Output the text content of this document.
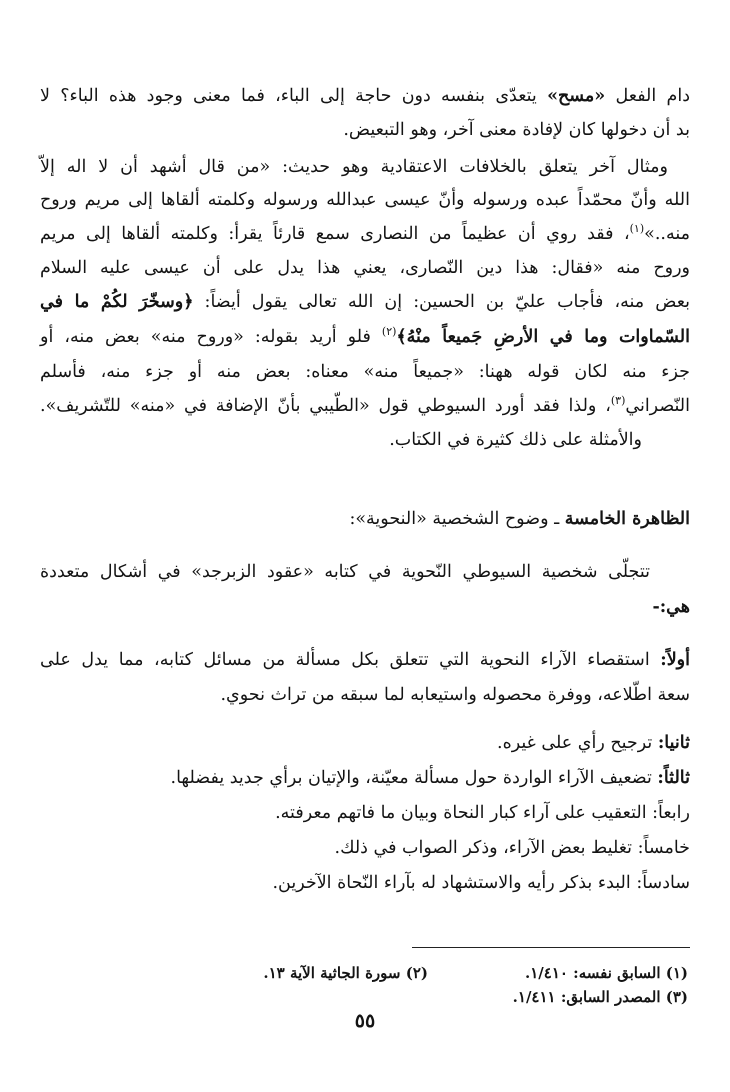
دام الفعل «مسح» يتعدّى بنفسه دون حاجة إلى الباء، فما معنى وجود هذه الباء؟ لا
بد أن دخولها كان لإفادة معنى آخر، وهو التبعيض.
ومثال آخر يتعلق بالخلافات الاعتقادية وهو حديث: «من قال أشهد أن لا اله إلاّ
الله وأنّ محمّداً عبده ورسوله وأنّ عيسى عبدالله ورسوله وكلمته ألقاها إلى مريم وروح
منه..»$^{(١)}$، فقد روي أن عظيماً من النصارى سمع قارئاً يقرأ: وكلمته ألقاها إلى مريم
وروح منه «فقال: هذا دين النّصارى، يعني هذا يدل على أن عيسى عليه السلام
بعض منه، فأجاب عليّ بن الحسين: إن الله تعالى يقول أيضاً: ﴿وسخّرَ لكُمْ ما في
السّماوات وما في الأرضِ جَميعاً منْهُ﴾$^{(٢)}$ فلو أريد بقوله: «وروح منه» بعض منه، أو
جزء منه لكان قوله ههنا: «جميعاً منه» معناه: بعض منه أو جزء منه، فأسلم
النّصراني$^{(٣)}$، ولذا فقد أورد السيوطي قول «الطّيبي بأنّ الإضافة في «منه» للتّشريف».
والأمثلة على ذلك كثيرة في الكتاب.
الظاهرة الخامسة ـ وضوح الشخصية «النحوية»:
تتجلّى شخصية السيوطي النّحوية في كتابه «عقود الزبرجد» في أشكال متعددة
هي:-
أولاً: استقصاء الآراء النحوية التي تتعلق بكل مسألة من مسائل كتابه، مما يدل على
سعة اطّلاعه، ووفرة محصوله واستيعابه لما سبقه من تراث نحوي.
ثانيا: ترجيح رأي على غيره.
ثالثاً: تضعيف الآراء الواردة حول مسألة معيّنة، والإتيان برأي جديد يفضلها.
رابعاً: التعقيب على آراء كبار النحاة وبيان ما فاتهم معرفته.
خامساً: تغليط بعض الآراء، وذكر الصواب في ذلك.
سادساً: البدء بذكر رأيه والاستشهاد له بآراء النّحاة الآخرين.
(١) السابق نفسه: ١/٤١٠.
(٢) سورة الجاثية الآية ١٣.
(٣) المصدر السابق: ١/٤١١.
٥٥
